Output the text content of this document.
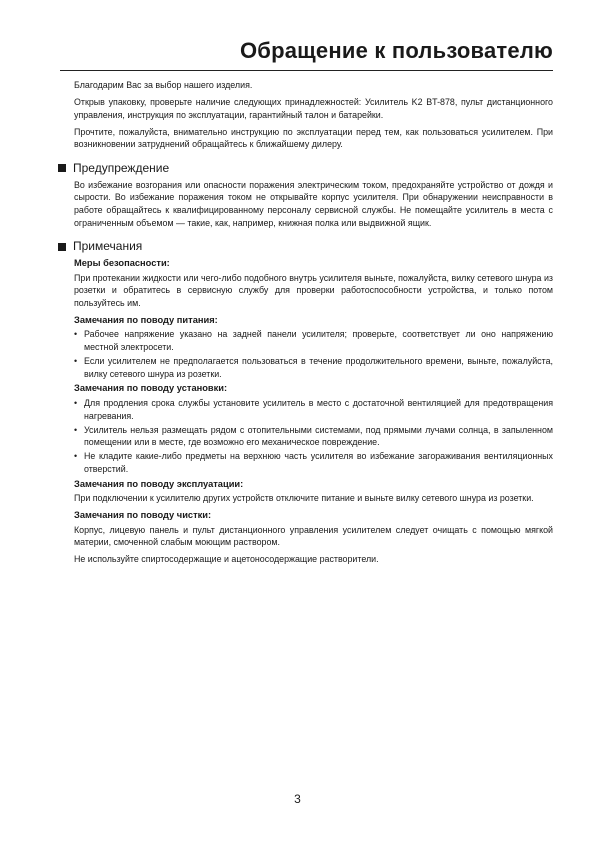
Обращение к пользователю

Благодарим Вас за выбор нашего изделия.

Открыв упаковку, проверьте наличие следующих принадлежностей: Усилитель K2 BT-878, пульт дистанционного управления, инструкция по эксплуатации, гарантийный талон и батарейки.

Прочтите, пожалуйста, внимательно инструкцию по эксплуатации перед тем, как пользоваться усилителем. При возникновении затруднений обращайтесь к ближайшему дилеру.

Предупреждение

Во избежание возгорания или опасности поражения электрическим током, предохраняйте устройство от дождя и сырости. Во избежание поражения током не открывайте корпус усилителя. При обнаружении неисправности в работе обращайтесь к квалифицированному персоналу сервисной службы. Не помещайте усилитель в места с ограниченным объемом — такие, как, например, книжная полка или выдвижной ящик.

Примечания
Меры безопасности:

При протекании жидкости или чего-либо подобного внутрь усилителя выньте, пожалуйста, вилку сетевого шнура из розетки и обратитесь в сервисную службу для проверки работоспособности устройства, и только потом пользуйтесь им.

Замечания по поводу питания:
• Рабочее напряжение указано на задней панели усилителя; проверьте, соответствует ли оно напряжению местной электросети.
• Если усилителем не предполагается пользоваться в течение продолжительного времени, выньте, пожалуйста, вилку сетевого шнура из розетки.
Замечания по поводу установки:
• Для продления срока службы установите усилитель в место с достаточной вентиляцией для предотвращения нагревания.
• Усилитель нельзя размещать рядом с отопительными системами, под прямыми лучами солнца, в запыленном помещении или в месте, где возможно его механическое повреждение.
• Не кладите какие-либо предметы на верхнюю часть усилителя во избежание загораживания вентиляционных отверстий.
Замечания по поводу эксплуатации:

При подключении к усилителю других устройств отключите питание и выньте вилку сетевого шнура из розетки.

Замечания по поводу чистки:

Корпус, лицевую панель и пульт дистанционного управления усилителем следует очищать с помощью мягкой материи, смоченной слабым моющим раствором.

Не используйте спиртосодержащие и ацетоносодержащие растворители.

3
